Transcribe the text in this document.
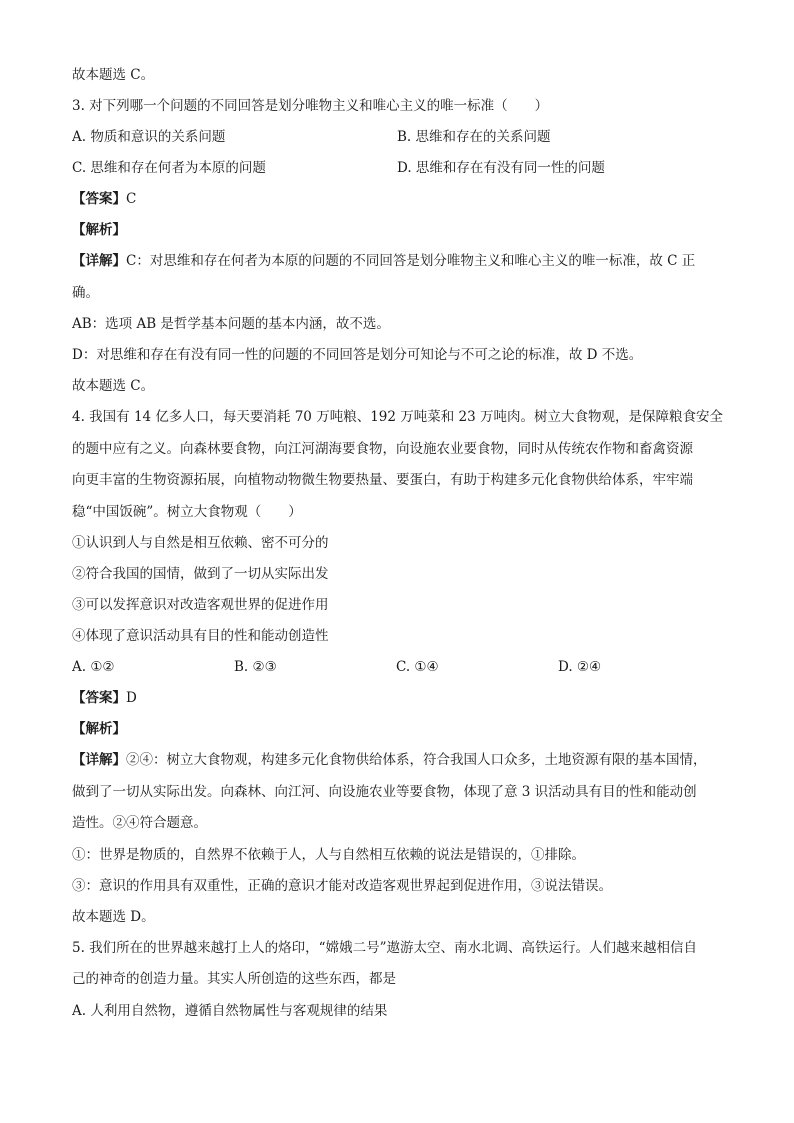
故本题选 C。
3. 对下列哪一个问题的不同回答是划分唯物主义和唯心主义的唯一标准（　　）
A. 物质和意识的关系问题	B. 思维和存在的关系问题
C. 思维和存在何者为本原的问题	D. 思维和存在有没有同一性的问题
【答案】C
【解析】
【详解】C：对思维和存在何者为本原的问题的不同回答是划分唯物主义和唯心主义的唯一标准，故 C 正
确。
AB：选项 AB 是哲学基本问题的基本内涵，故不选。
D：对思维和存在有没有同一性的问题的不同回答是划分可知论与不可之论的标准，故 D 不选。
故本题选 C。
4. 我国有 14 亿多人口，每天要消耗 70 万吨粮、192 万吨菜和 23 万吨肉。树立大食物观，是保障粮食安全
的题中应有之义。向森林要食物，向江河湖海要食物，向设施农业要食物，同时从传统农作物和畜禽资源
向更丰富的生物资源拓展，向植物动物微生物要热量、要蛋白，有助于构建多元化食物供给体系，牢牢端
稳“中国饭碗”。树立大食物观（　　）
①认识到人与自然是相互依赖、密不可分的
②符合我国的国情，做到了一切从实际出发
③可以发挥意识对改造客观世界的促进作用
④体现了意识活动具有目的性和能动创造性
A. ①②	B. ②③	C. ①④	D. ②④
【答案】D
【解析】
【详解】②④：树立大食物观，构建多元化食物供给体系，符合我国人口众多，土地资源有限的基本国情，
做到了一切从实际出发。向森林、向江河、向设施农业等要食物，体现了意 3 识活动具有目的性和能动创
造性。②④符合题意。
①：世界是物质的，自然界不依赖于人，人与自然相互依赖的说法是错误的，①排除。
③：意识的作用具有双重性，正确的意识才能对改造客观世界起到促进作用，③说法错误。
故本题选 D。
5. 我们所在的世界越来越打上人的烙印，“嫦娥二号”遨游太空、南水北调、高铁运行。人们越来越相信自
己的神奇的创造力量。其实人所创造的这些东西，都是
A. 人利用自然物，遵循自然物属性与客观规律的结果
